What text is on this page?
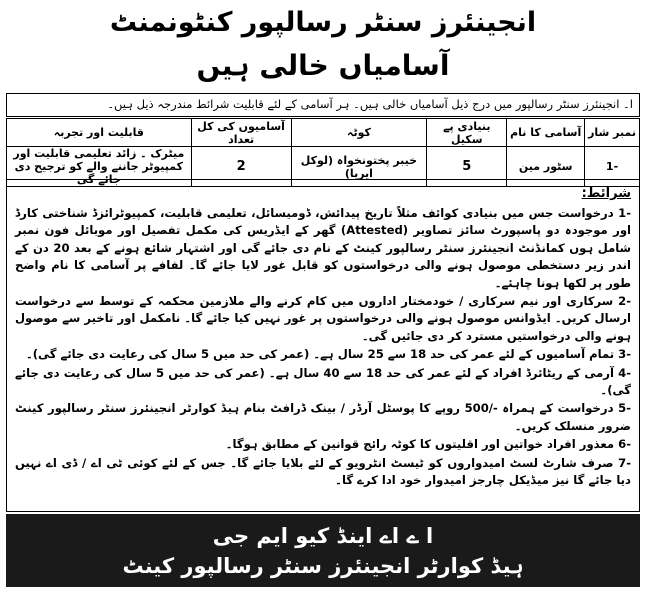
انجینئرز سنٹر رسالپور کنٹونمنٹ
آسامیاں خالی ہیں
ا۔ انجینئرز سنٹر رسالپور میں درج ذیل آسامیاں خالی ہیں۔ ہر آسامی کے لئے قابلیت شرائط مندرجہ ذیل ہیں۔
نمبر شار	آسامی کا نام	بنیادی پے سکیل	کوٹہ	آسامیوں کی کل تعداد	قابلیت اور تجربہ
-1	سٹور مین	5	خیبر پختونخواہ (لوکل ایریا)	2	میٹرک ۔ زائد تعلیمی قابلیت اور کمپیوٹر جاننے والے کو ترجیح دی جائے گی
شرائط:
-1 درخواست جس میں بنیادی کوائف مثلاً تاریخ پیدائش، ڈومیسائل، تعلیمی قابلیت، کمپیوٹرائزڈ شناختی کارڈ اور موجودہ دو پاسپورٹ سائز تصاویر (Attested) گھر کے ایڈریس کی مکمل تفصیل اور موبائل فون نمبر شامل ہوں کمانڈنٹ انجینئرز سنٹر رسالپور کینٹ کے نام دی جائے گی اور اشتہار شائع ہونے کے بعد 20 دن کے اندر زیر دستخطی موصول ہونے والی درخواستوں کو قابل غور لایا جائے گا۔ لفافے پر آسامی کا نام واضح طور پر لکھا ہونا چاہئے۔
-2 سرکاری اور نیم سرکاری / خودمختار اداروں میں کام کرنے والے ملازمین محکمہ کے توسط سے درخواست ارسال کریں۔ ایڈوانس موصول ہونے والی درخواستوں پر غور نہیں کیا جائے گا۔ نامکمل اور تاخیر سے موصول ہونے والی درخواستیں مسترد کر دی جائیں گی۔
-3 تمام آسامیوں کے لئے عمر کی حد 18 سے 25 سال ہے۔ (عمر کی حد میں 5 سال کی رعایت دی جائے گی)۔
-4 آرمی کے ریٹائرڈ افراد کے لئے عمر کی حد 18 سے 40 سال ہے۔ (عمر کی حد میں 5 سال کی رعایت دی جائے گی)۔
-5 درخواست کے ہمراہ -/500 روپے کا پوسٹل آرڈر / بینک ڈرافٹ بنام ہیڈ کوارٹر انجینئرز سنٹر رسالپور کینٹ ضرور منسلک کریں۔
-6 معذور افراد خواتین اور اقلیتوں کا کوٹہ رائج قوانین کے مطابق ہوگا۔
-7 صرف شارٹ لسٹ امیدواروں کو ٹیسٹ انٹرویو کے لئے بلایا جائے گا۔ جس کے لئے کوئی ٹی اے / ڈی اے نہیں دیا جائے گا نیز میڈیکل چارجز امیدوار خود ادا کرے گا۔
ا ے اے اینڈ کیو ایم جی
ہیڈ کوارٹر انجینئرز سنٹر رسالپور کینٹ
